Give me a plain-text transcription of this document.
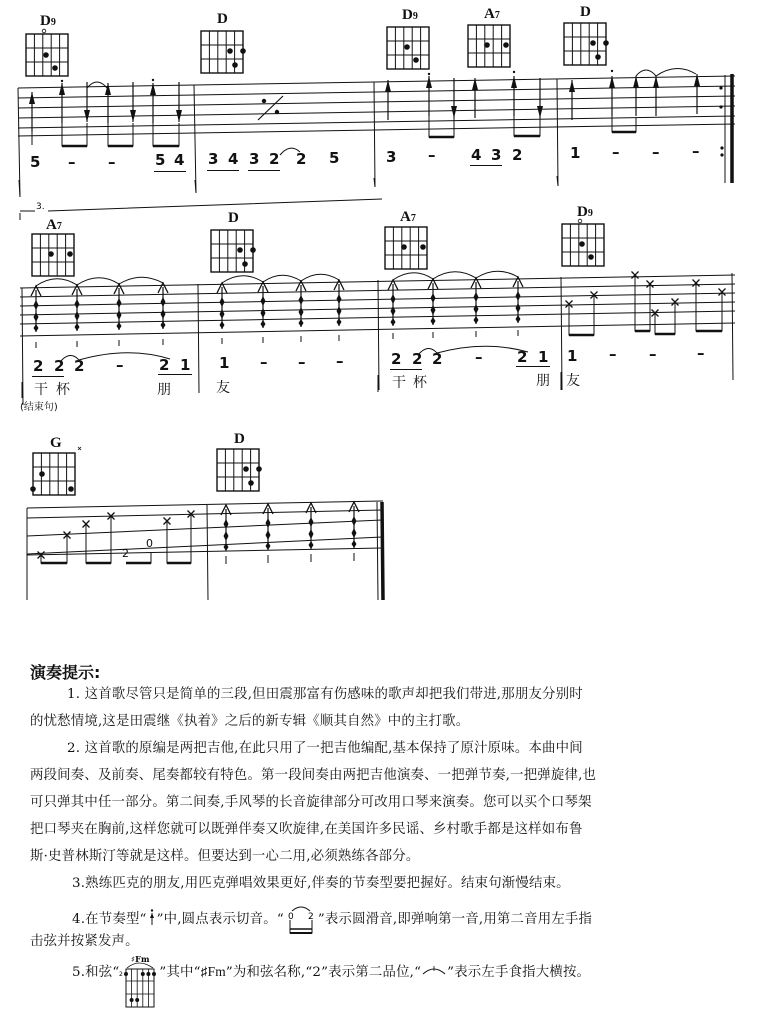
D9	D	D9	A7	D
5 – –	5 4 3 4 3 2 2 5	3 – 4 3 2	1 – – –
3.
A7
D	A7	D9
2 2 2 – 2 1 1 – – –	2 2 2 – 2 1 1 – –	–
干 杯	朋	友	干 杯	朋 友
(结束句)
G	D
2
0
演奏提示:

1. 这首歌尽管只是简单的三段,但田震那富有伤感味的歌声却把我们带进,那朋友分别时

的忧愁情境,这是田震继《执着》之后的新专辑《顺其自然》中的主打歌。

2. 这首歌的原编是两把吉他,在此只用了一把吉他编配,基本保持了原汁原味。本曲中间

两段间奏、及前奏、尾奏都较有特色。第一段间奏由两把吉他演奏、一把弹节奏,一把弹旋律,也

可只弹其中任一部分。第二间奏,手风琴的长音旋律部分可改用口琴来演奏。您可以买个口琴架

把口琴夹在胸前,这样您就可以既弹伴奏又吹旋律,在美国许多民谣、乡村歌手都是这样如布鲁

斯·史普林斯汀等就是这样。但要达到一心二用,必须熟练各部分。

3.熟练匹克的朋友,用匹克弹唱效果更好,伴奏的节奏型要把握好。结束句渐慢结束。

4.在节奏型“ ”中,圆点表示切音。“ 0 2 ”表示圆滑音,即弹响第一音,用第二音用左手指

击弦并按紧发声。

5.和弦“
♯Fm
2	”其中“♯Fm”为和弦名称,“2”表示第二品位,“ ”表示左手食指大横按。
